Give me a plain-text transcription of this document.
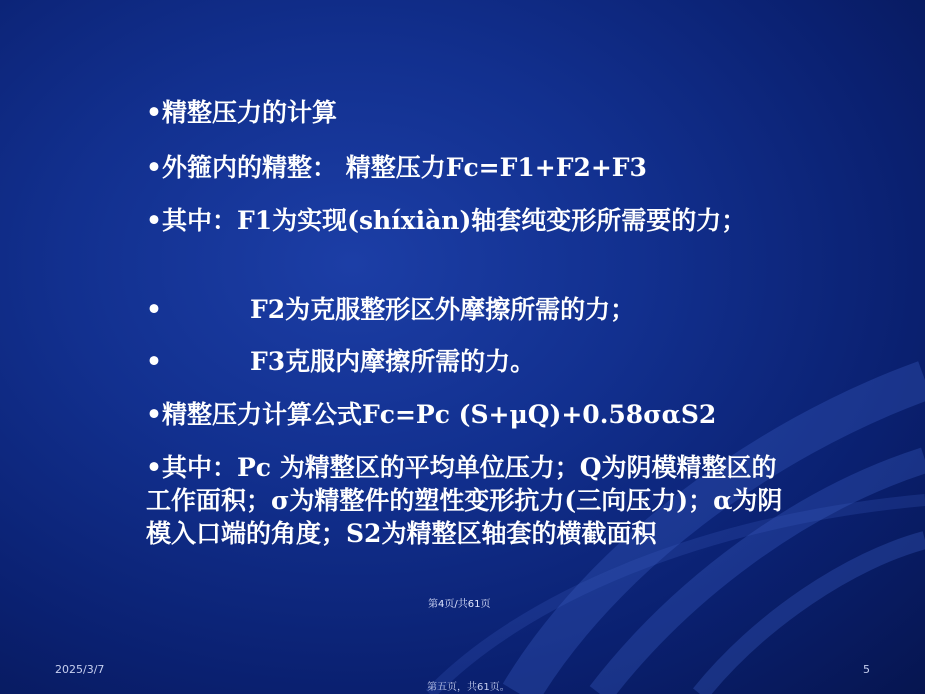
•精整压力的计算

•外箍内的精整： 精整压力Fc=F1+F2+F3

•其中：F1为实现(shíxiàn)轴套纯变形所需要的力；

•	F2为克服整形区外摩擦所需的力；

•	F3克服内摩擦所需的力。

•精整压力计算公式Fc=Pc (S+μQ)+0.58σαS2

•其中：Pc 为精整区的平均单位压力；Q为阴模精整区的工作面积；σ为精整件的塑性变形抗力(三向压力)；α为阴模入口端的角度；S2为精整区轴套的横截面积

第4页/共61页
2025/3/7	5
第五页，共61页。
